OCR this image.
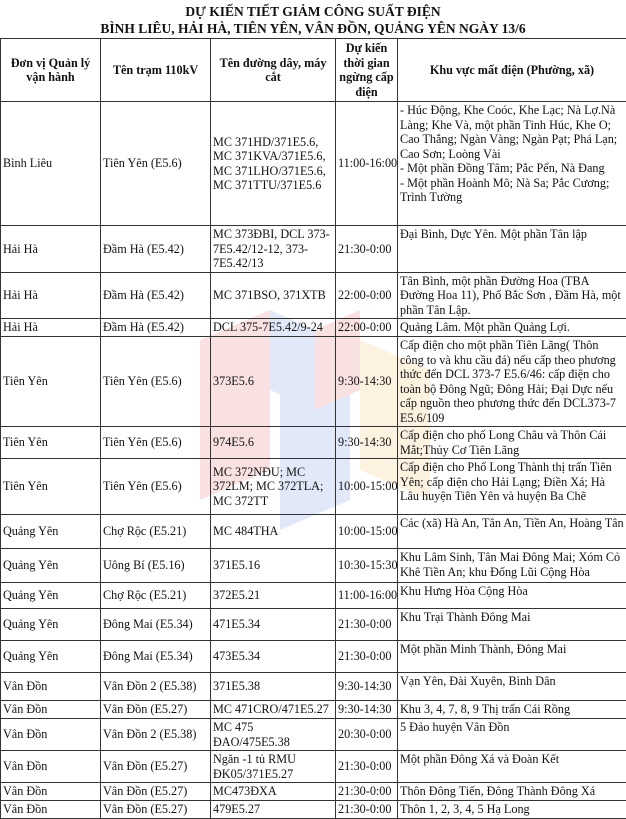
DỰ KIẾN TIẾT GIẢM CÔNG SUẤT ĐIỆN
BÌNH LIÊU, HẢI HÀ, TIÊN YÊN, VÂN ĐỒN, QUẢNG YÊN NGÀY 13/6
Đơn vị Quản lý vận hành	Tên trạm 110kV	Tên đường dây, máy cắt	Dự kiến thời gian ngừng cấp điện	Khu vực mất điện (Phường, xã)
Bình Liêu	Tiên Yên (E5.6)	MC 371HD/371E5.6, MC 371KVA/371E5.6, MC 371LHO/371E5.6, MC 371TTU/371E5.6	11:00-16:00	- Húc Động, Khe Coóc, Khe Lạc; Nà Lợ.Nà Làng; Khe Và, một phần Tinh Húc, Khe O; Cao Thắng; Ngàn Vàng; Ngàn Pạt; Phá Lạn; Cao Sơn; Loòng Vài
- Một phần Đồng Tâm; Pắc Pển, Nà Đang
- Một phần Hoành Mô; Nà Sa; Pắc Cương; Trình Tường
Hải Hà	Đầm Hà (E5.42)	MC 373ĐBI, DCL 373-7E5.42/12-12, 373-7E5.42/13	21:30-0:00	Đại Bình, Dực Yên. Một phần Tân lập
Hải Hà	Đầm Hà (E5.42)	MC 371BSO, 371XTB	22:00-0:00	Tân Bình, một phần Đường Hoa (TBA Đường Hoa 11), Phố Bắc Sơn , Đầm Hà, một phần Tân Lập.
Hải Hà	Đầm Hà (E5.42)	DCL 375-7E5.42/9-24	22:00-0:00	Quảng Lâm. Một phần Quảng Lợi.
Tiên Yên	Tiên Yên (E5.6)	373E5.6	9:30-14:30	Cấp điện cho một phần Tiên Lãng( Thôn công to và khu cầu đá) nếu cấp theo phương thức đến DCL 373-7 E5.6/46: cấp điện cho toàn bộ Đông Ngũ; Đông Hải; Đại Dực nếu cấp nguồn theo phương thức đến DCL373-7 E5.6/109
Tiên Yên	Tiên Yên (E5.6)	974E5.6	9:30-14:30	Cấp điện cho phố Long Châu và Thôn Cái Mắt;Thủy Cơ Tiên Lãng
Tiên Yên	Tiên Yên (E5.6)	MC 372NĐU; MC 372LM; MC 372TLA; MC 372TT	10:00-15:00	Cấp điện cho Phố Long Thành thị trấn Tiên Yên; cấp điện cho Hải Lạng; Điền Xá; Hà Lâu huyện Tiên Yên và huyện Ba Chẽ
Quảng Yên	Chợ Rộc (E5.21)	MC 484THA	10:00-15:00	Các (xã) Hà An, Tân An, Tiền An, Hoàng Tân
Quảng Yên	Uông Bí (E5.16)	371E5.16	10:30-15:30	Khu Lâm Sinh, Tân Mai Đông Mai; Xóm Cỏ Khê Tiền An; khu Đống Lũi Cộng Hòa
Quảng Yên	Chợ Rộc (E5.21)	372E5.21	11:00-16:00	Khu Hưng Hòa Cộng Hòa
Quảng Yên	Đông Mai (E5.34)	471E5.34	21:30-0:00	Khu Trại Thành Đông Mai
Quảng Yên	Đông Mai (E5.34)	473E5.34	21:30-0:00	Một phần Minh Thành, Đông Mai
Vân Đồn	Vân Đồn 2 (E5.38)	371E5.38	9:30-14:30	Vạn Yên, Đài Xuyên, Bình Dân
Vân Đồn	Vân Đồn (E5.27)	MC 471CRO/471E5.27	9:30-14:30	Khu 3, 4, 7, 8, 9 Thị trấn Cái Rồng
Vân Đồn	Vân Đồn 2 (E5.38)	MC 475 ĐAO/475E5.38	20:30-0:00	5 Đảo huyện Vân Đồn
Vân Đồn	Vân Đồn (E5.27)	Ngăn -1 tủ RMU ĐK05/371E5.27	21:30-0:00	Một phần Đông Xá và Đoàn Kết
Vân Đồn	Vân Đồn (E5.27)	MC473ĐXA	21:30-0:00	Thôn Đông Tiến, Đông Thành Đông Xá
Vân Đồn	Vân Đồn (E5.27)	479E5.27	21:30-0:00	Thôn 1, 2, 3, 4, 5 Hạ Long
